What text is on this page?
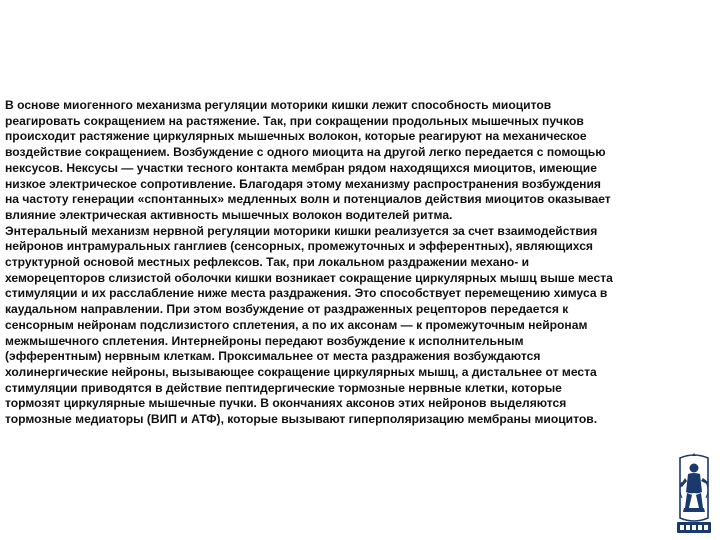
В основе миогенного механизма регуляции моторики кишки лежит способность миоцитов
реагировать сокращением на растяжение. Так, при сокращении продольных мышечных пучков
происходит растяжение циркулярных мышечных волокон, которые реагируют на механическое
воздействие сокращением. Возбуждение с одного миоцита на другой легко передается с помощью
нексусов. Нексусы — участки тесного контакта мембран рядом находящихся миоцитов, имеющие
низкое электрическое сопротивление. Благодаря этому механизму распространения возбуждения
на частоту генерации «спонтанных» медленных волн и потенциалов действия миоцитов оказывает
влияние электрическая активность мышечных волокон водителей ритма.

Энтеральный механизм нервной регуляции моторики кишки реализуется за счет взаимодействия
нейронов интрамуральных ганглиев (сенсорных, промежуточных и эфферентных), являющихся
структурной основой местных рефлексов. Так, при локальном раздражении механо- и
хеморецепторов слизистой оболочки кишки возникает сокращение циркулярных мышц выше места
стимуляции и их расслабление ниже места раздражения. Это способствует перемещению химуса в
каудальном направлении. При этом возбуждение от раздраженных рецепторов передается к
сенсорным нейронам подслизистого сплетения, а по их аксонам — к промежуточным нейронам
межмышечного сплетения. Интернейроны передают возбуждение к исполнительным
(эфферентным) нервным клеткам. Проксимальнее от места раздражения возбуждаются
холинергические нейроны, вызывающее сокращение циркулярных мышц, а дистальнее от места
стимуляции приводятся в действие пептидергические тормозные нервные клетки, которые
тормозят циркулярные мышечные пучки. В окончаниях аксонов этих нейронов выделяются
тормозные медиаторы (ВИП и АТФ), которые вызывают гиперполяризацию мембраны миоцитов.
